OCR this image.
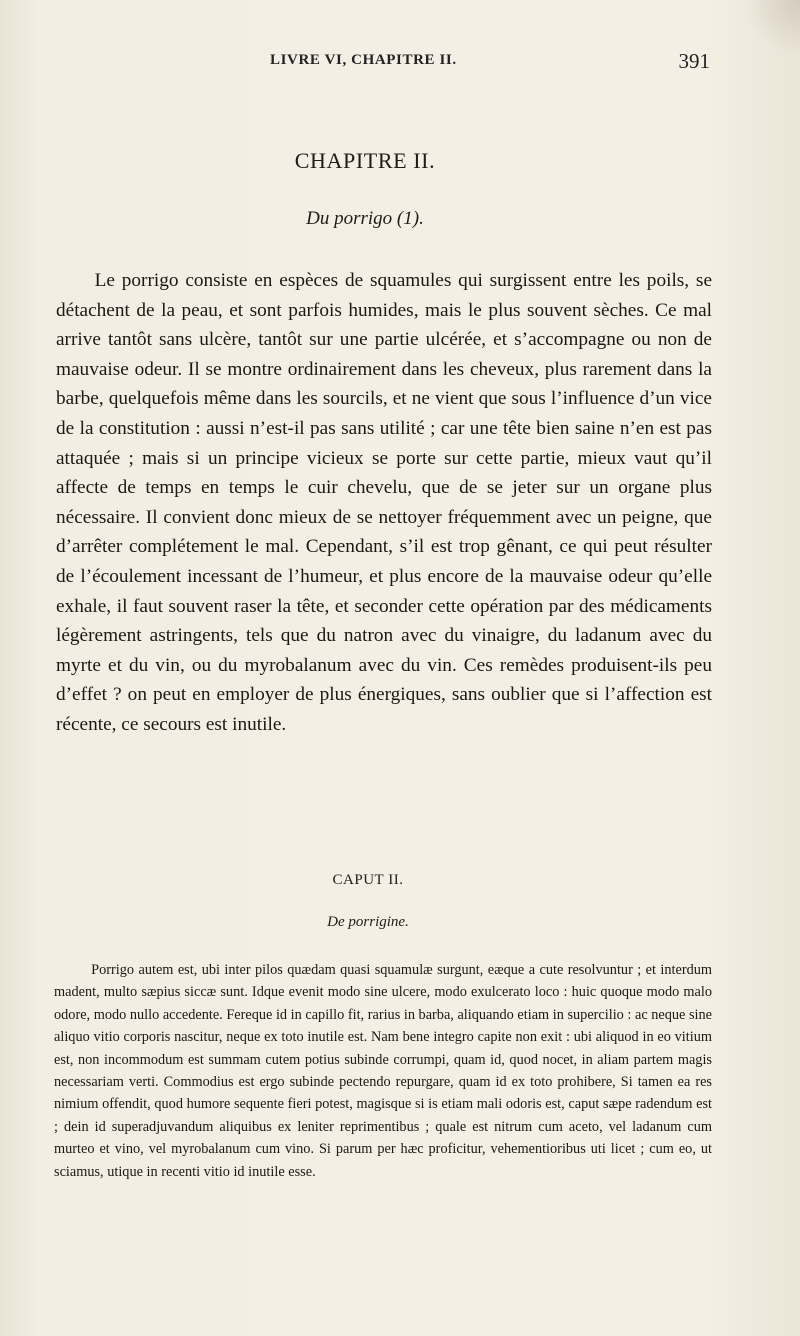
LIVRE VI, CHAPITRE II.	391
CHAPITRE II.
Du porrigo (1).

Le porrigo consiste en espèces de squamules qui surgissent entre les poils, se détachent de la peau, et sont parfois humides, mais le plus souvent sèches. Ce mal arrive tantôt sans ulcère, tantôt sur une partie ulcérée, et s’accompagne ou non de mauvaise odeur. Il se montre ordinairement dans les cheveux, plus rarement dans la barbe, quelquefois même dans les sourcils, et ne vient que sous l’influence d’un vice de la constitution : aussi n’est-il pas sans utilité ; car une tête bien saine n’en est pas attaquée ; mais si un principe vicieux se porte sur cette partie, mieux vaut qu’il affecte de temps en temps le cuir chevelu, que de se jeter sur un organe plus nécessaire. Il convient donc mieux de se nettoyer fréquemment avec un peigne, que d’arrêter complétement le mal. Cependant, s’il est trop gênant, ce qui peut résulter de l’écoulement incessant de l’humeur, et plus encore de la mauvaise odeur qu’elle exhale, il faut souvent raser la tête, et seconder cette opération par des médicaments légèrement astringents, tels que du natron avec du vinaigre, du ladanum avec du myrte et du vin, ou du myrobalanum avec du vin. Ces remèdes produisent-ils peu d’effet ? on peut en employer de plus énergiques, sans oublier que si l’affection est récente, ce secours est inutile.

CAPUT II.
De porrigine.

Porrigo autem est, ubi inter pilos quædam quasi squamulæ surgunt, eæque a cute resolvuntur ; et interdum madent, multo sæpius siccæ sunt. Idque evenit modo sine ulcere, modo exulcerato loco : huic quoque modo malo odore, modo nullo accedente. Fereque id in capillo fit, rarius in barba, aliquando etiam in supercilio : ac neque sine aliquo vitio corporis nascitur, neque ex toto inutile est. Nam bene integro capite non exit : ubi aliquod in eo vitium est, non incommodum est summam cutem potius subinde corrumpi, quam id, quod nocet, in aliam partem magis necessariam verti. Commodius est ergo subinde pectendo repurgare, quam id ex toto prohibere, Si tamen ea res nimium offendit, quod humore sequente fieri potest, magisque si is etiam mali odoris est, caput sæpe radendum est ; dein id superadjuvandum aliquibus ex leniter reprimentibus ; quale est nitrum cum aceto, vel ladanum cum murteo et vino, vel myrobalanum cum vino. Si parum per hæc proficitur, vehementioribus uti licet ; cum eo, ut sciamus, utique in recenti vitio id inutile esse.
